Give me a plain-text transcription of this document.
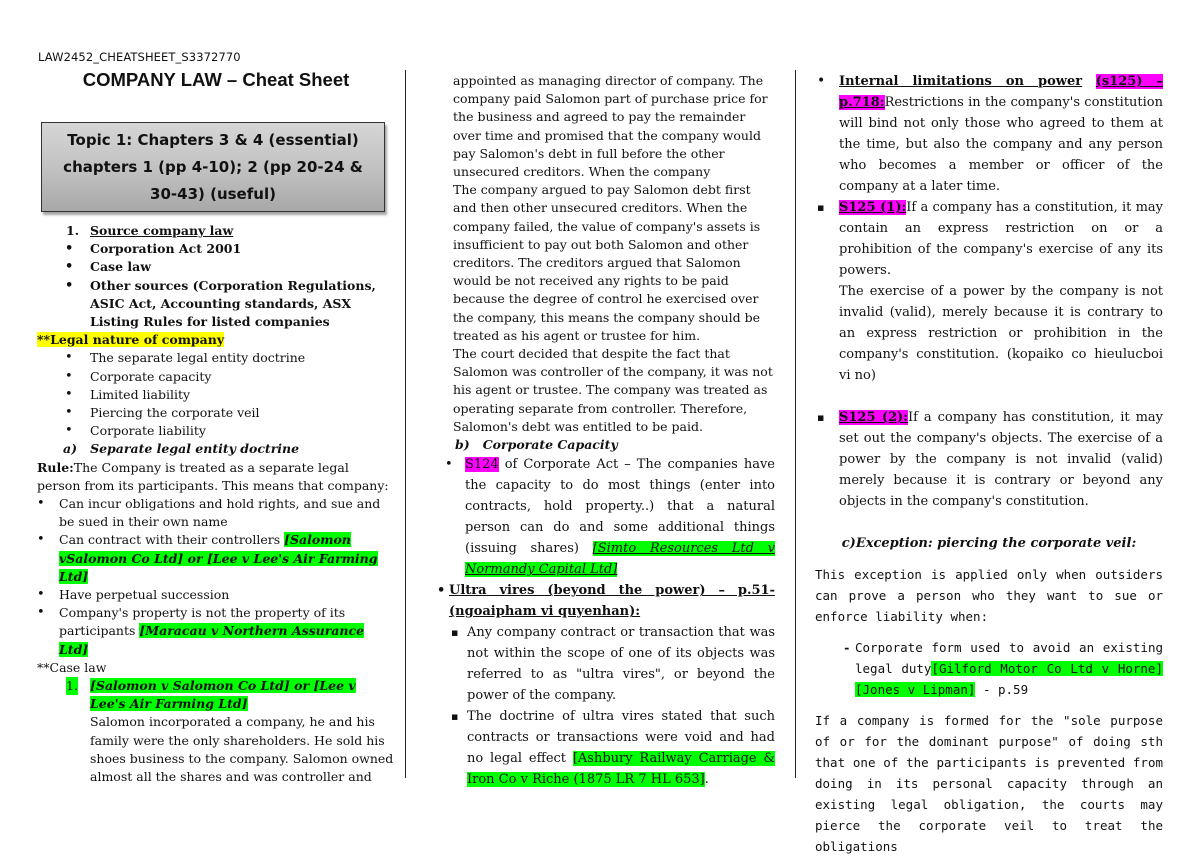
LAW2452_CHEATSHEET_S3372770
COMPANY LAW – Cheat Sheet
Topic 1: Chapters 3 & 4 (essential) chapters 1 (pp 4-10); 2 (pp 20-24 & 30-43) (useful)
1. Source company law
• Corporation Act 2001
• Case law
• Other sources (Corporation Regulations, ASIC Act, Accounting standards, ASX Listing Rules for listed companies
**Legal nature of company
• The separate legal entity doctrine
• Corporate capacity
• Limited liability
• Piercing the corporate veil
• Corporate liability
a)   Separate legal entity doctrine
Rule:The Company is treated as a separate legal person from its participants. This means that company:
• Can incur obligations and hold rights, and sue and be sued in their own name
• Can contract with their controllers [Salomon vSalomon Co Ltd] or [Lee v Lee's Air Farming Ltd]
• Have perpetual succession
• Company's property is not the property of its participants [Maracau v Northern Assurance Ltd]
**Case law
1. [Salomon v Salomon Co Ltd] or [Lee v Lee's Air Farming Ltd]
Salomon incorporated a company, he and his family were the only shareholders. He sold his shoes business to the company. Salomon owned almost all the shares and was controller and
appointed as managing director of company. The company paid Salomon part of purchase price for the business and agreed to pay the remainder over time and promised that the company would pay Salomon's debt in full before the other unsecured creditors. When the company
The company argued to pay Salomon debt first and then other unsecured creditors. When the company failed, the value of company's assets is insufficient to pay out both Salomon and other creditors. The creditors argued that Salomon would be not received any rights to be paid because the degree of control he exercised over the company, this means the company should be treated as his agent or trustee for him.
The court decided that despite the fact that Salomon was controller of the company, it was not his agent or trustee. The company was treated as operating separate from controller. Therefore, Salomon's debt was entitled to be paid.
b)   Corporate Capacity
• S124 of Corporate Act – The companies have the capacity to do most things (enter into contracts, hold property..) that a natural person can do and some additional things (issuing shares) [Simto Resources Ltd v Normandy Capital Ltd]
• Ultra vires (beyond the power) – p.51- (ngoaipham vi quyenhan):
▪ Any company contract or transaction that was not within the scope of one of its objects was referred to as "ultra vires", or beyond the power of the company.
▪ The doctrine of ultra vires stated that such contracts or transactions were void and had no legal effect [Ashbury Railway Carriage & Iron Co v Riche (1875 LR 7 HL 653].
• Internal limitations on power (s125) – p.718:Restrictions in the company's constitution will bind not only those who agreed to them at the time, but also the company and any person who becomes a member or officer of the company at a later time.
▪ S125 (1):If a company has a constitution, it may contain an express restriction on or a prohibition of the company's exercise of any its powers.
The exercise of a power by the company is not invalid (valid), merely because it is contrary to an express restriction or prohibition in the company's constitution. (kopaiko co hieulucboi vi no)
▪ S125 (2):If a company has constitution, it may set out the company's objects. The exercise of a power by the company is not invalid (valid) merely because it is contrary or beyond any objects in the company's constitution.
c)Exception: piercing the corporate veil:
This exception is applied only when outsiders can prove a person who they want to sue or enforce liability when:
- Corporate form used to avoid an existing legal duty[Gilford Motor Co Ltd v Horne] [Jones v Lipman] - p.59
If a company is formed for the "sole purpose of or for the dominant purpose" of doing sth that one of the participants is prevented from doing in its personal capacity through an existing legal obligation, the courts may pierce the corporate veil to treat the obligations
